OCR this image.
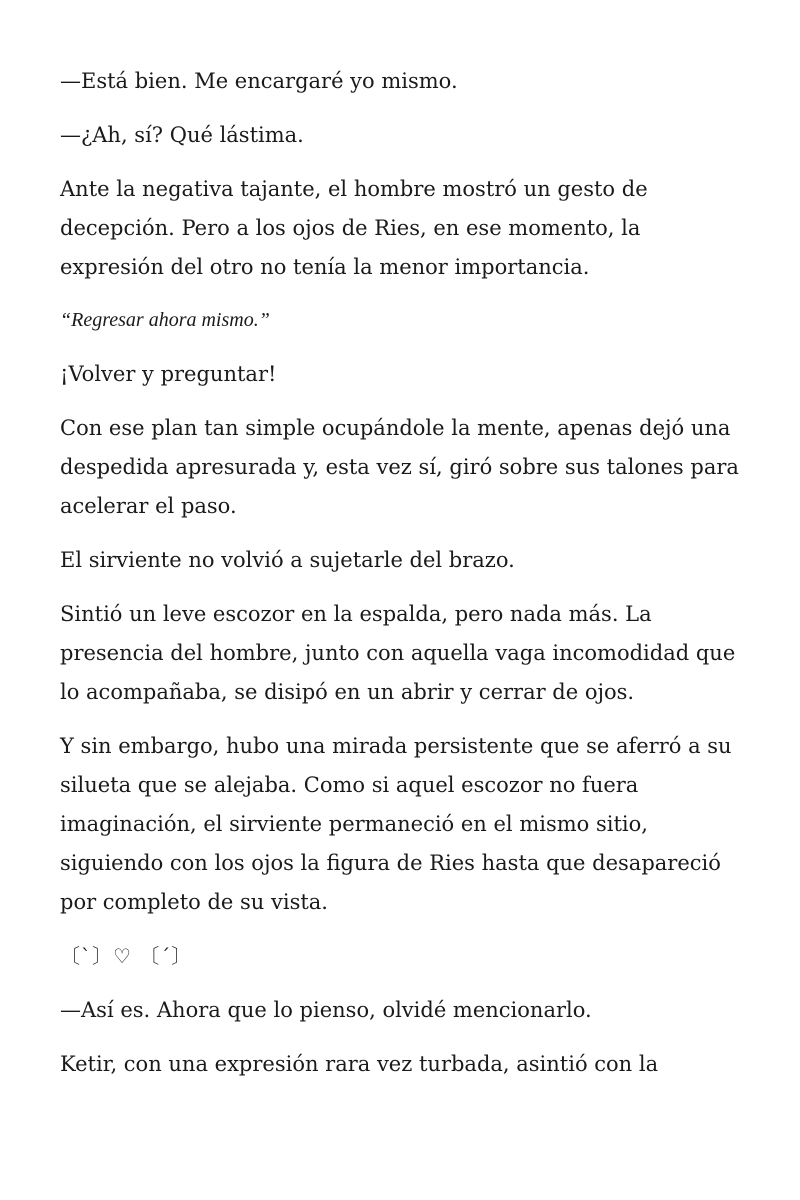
—Está bien. Me encargaré yo mismo.

—¿Ah, sí? Qué lástima.

Ante la negativa tajante, el hombre mostró un gesto de decepción. Pero a los ojos de Ries, en ese momento, la expresión del otro no tenía la menor importancia.

“Regresar ahora mismo.”

¡Volver y preguntar!

Con ese plan tan simple ocupándole la mente, apenas dejó una despedida apresurada y, esta vez sí, giró sobre sus talones para acelerar el paso.

El sirviente no volvió a sujetarle del brazo.

Sintió un leve escozor en la espalda, pero nada más. La presencia del hombre, junto con aquella vaga incomodidad que lo acompañaba, se disipó en un abrir y cerrar de ojos.

Y sin embargo, hubo una mirada persistente que se aferró a su silueta que se alejaba. Como si aquel escozor no fuera imaginación, el sirviente permaneció en el mismo sitio, siguiendo con los ojos la figura de Ries hasta que desapareció por completo de su vista.

〔`〕♡ 〔´〕

—Así es. Ahora que lo pienso, olvidé mencionarlo.

Ketir, con una expresión rara vez turbada, asintió con la
